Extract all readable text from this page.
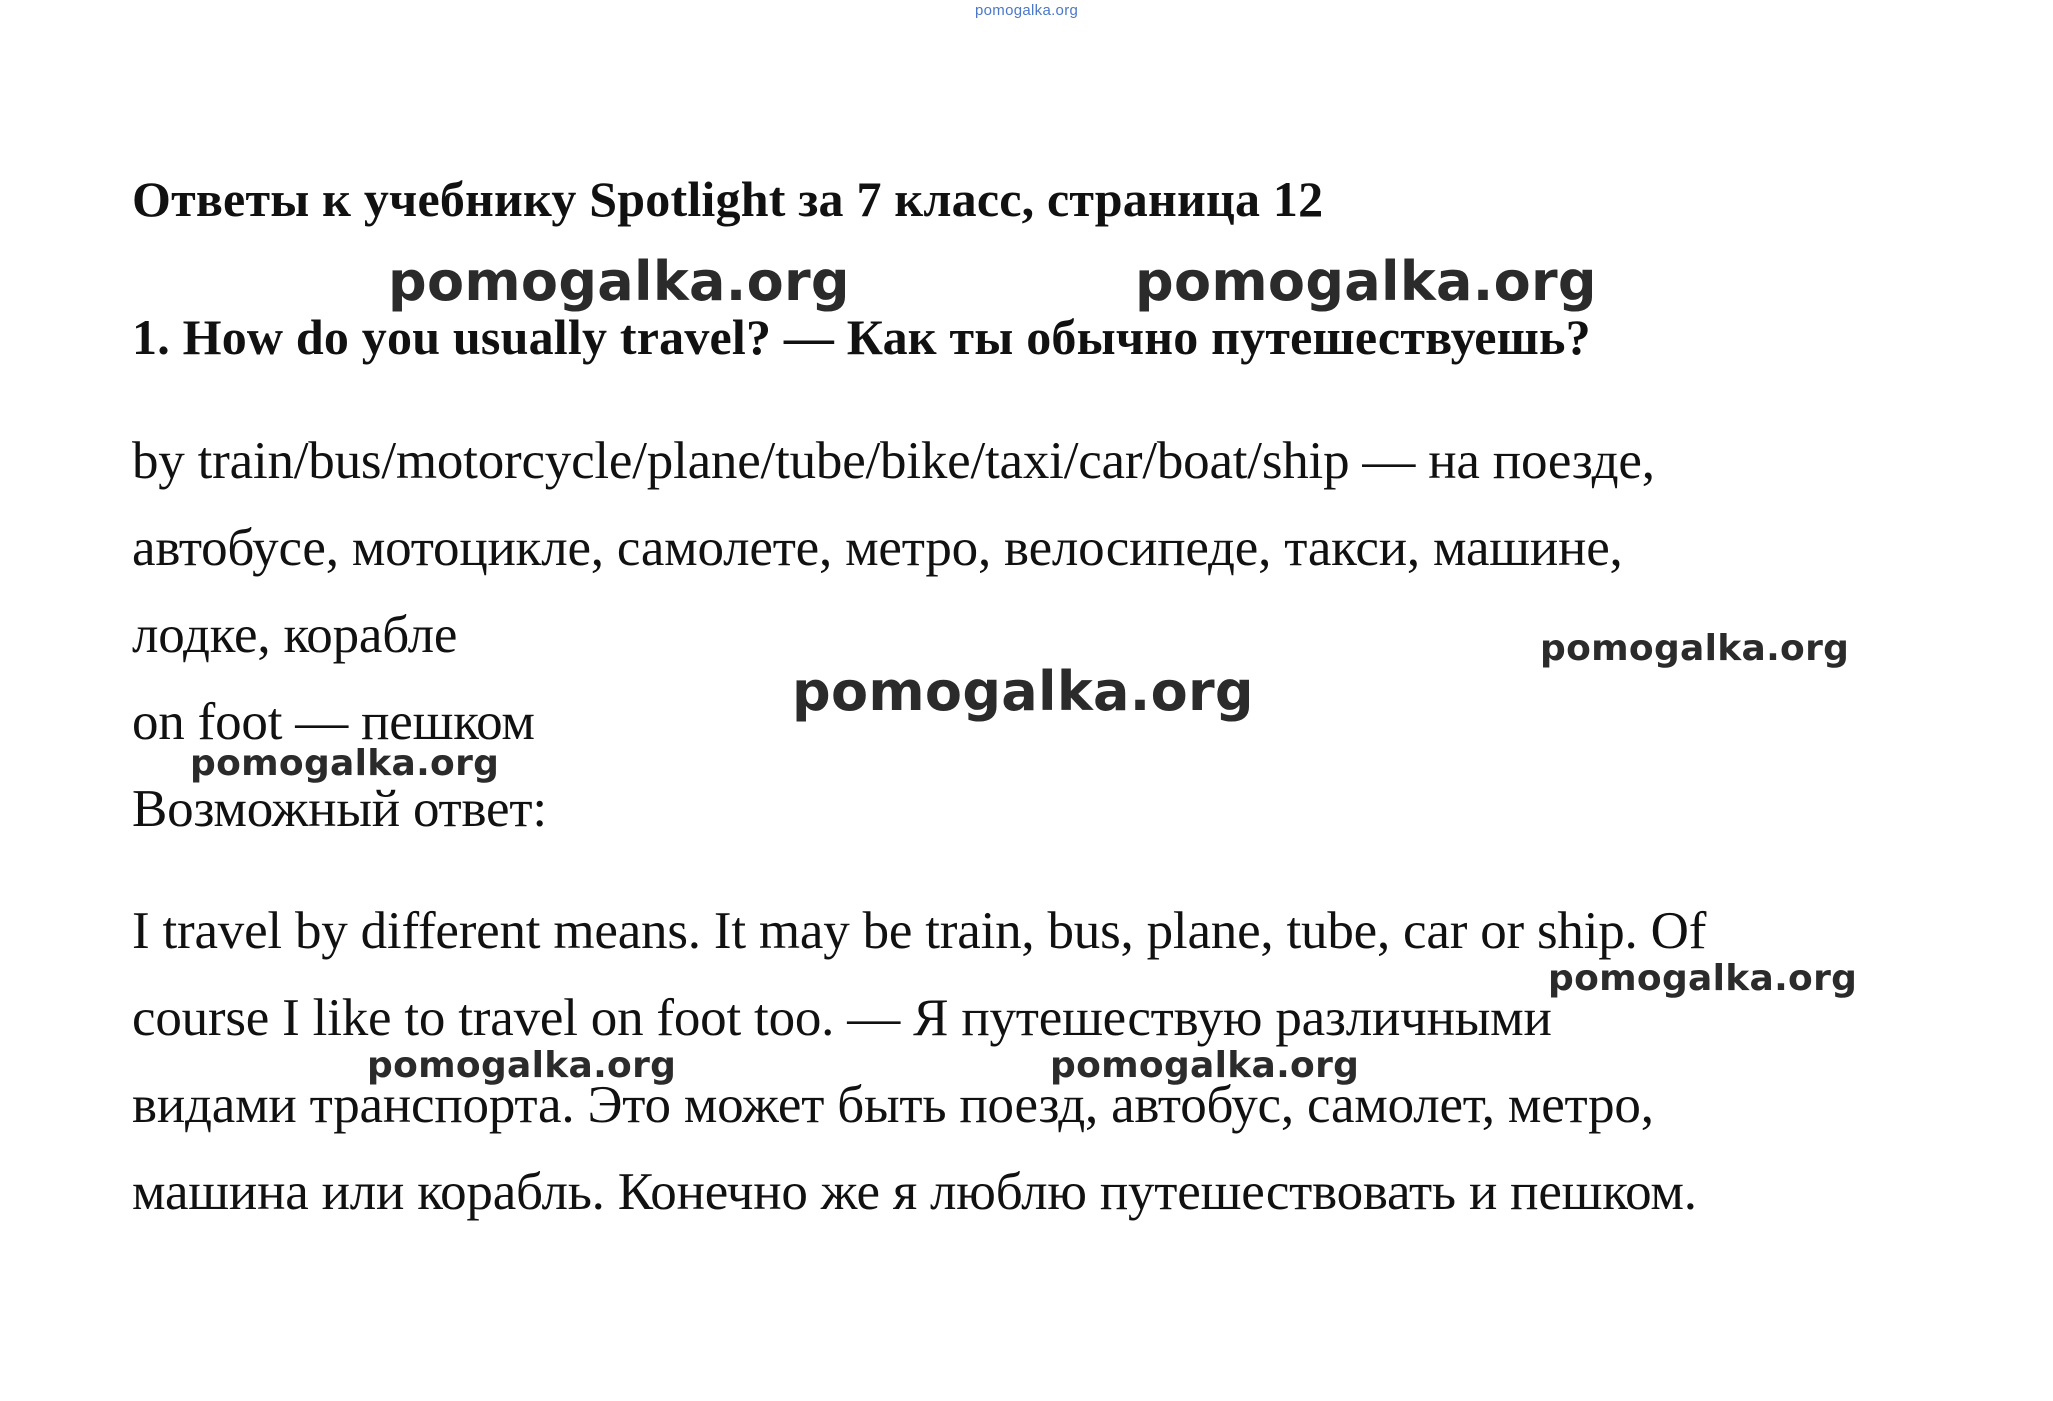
pomogalka.org
Ответы к учебнику Spotlight за 7 класс, страница 12
1. How do you usually travel? — Как ты обычно путешествуешь?

by train/bus/motorcycle/plane/tube/bike/taxi/car/boat/ship — на поезде,

автобусе, мотоцикле, самолете, метро, велосипеде, такси, машине,

лодке, корабле

on foot — пешком

Возможный ответ:

I travel by different means. It may be train, bus, plane, tube, car or ship. Of

course I like to travel on foot too. — Я путешествую различными

видами транспорта. Это может быть поезд, автобус, самолет, метро,

машина или корабль. Конечно же я люблю путешествовать и пешком.

pomogalka.org	pomogalka.org
pomogalka.org
pomogalka.org
pomogalka.org
pomogalka.org
pomogalka.org	pomogalka.org
